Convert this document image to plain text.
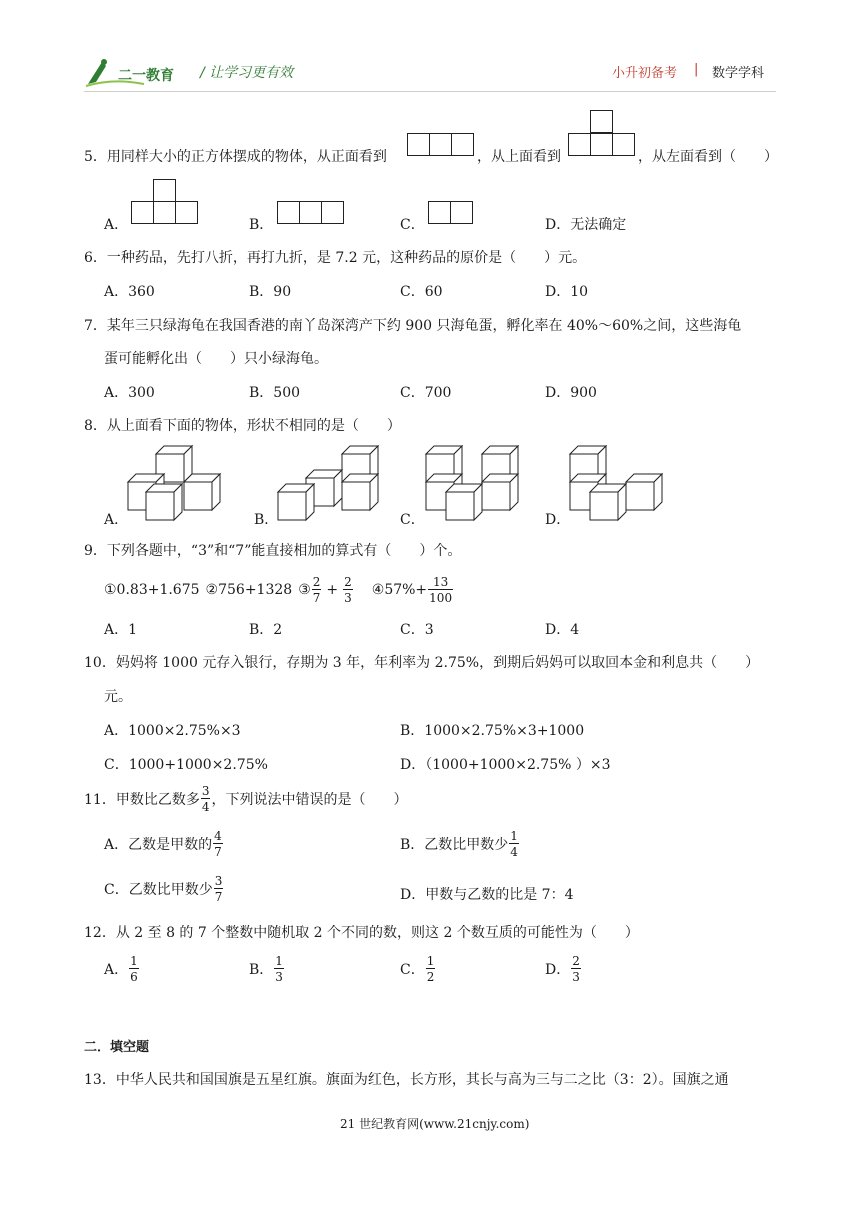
二一教育 / 让学习更有效	小升初备考 | 数学学科
5．用同样大小的正方体摆成的物体，从正面看到	，从上面看到	，从左面看到（　　）
A．	B．	C．	D．无法确定
6．一种药品，先打八折，再打九折，是 7.2 元，这种药品的原价是（　　）元。
A．360	B．90	C．60	D．10
7．某年三只绿海龟在我国香港的南丫岛深湾产下约 900 只海龟蛋，孵化率在 40%～60%之间，这些海龟
蛋可能孵化出（　　）只小绿海龟。
A．300	B．500	C．700	D．900
8．从上面看下面的物体，形状不相同的是（　　）
A．	B．	C．	D．
9．下列各题中，“3”和“7”能直接相加的算式有（　　）个。
①0.83+1.675 ②756+1328 ③ $\frac{2}{7} + \frac{2}{3}$ ④57%+ $\frac{13}{100}$
A．1	B．2	C．3	D．4
10．妈妈将 1000 元存入银行，存期为 3 年，年利率为 2.75%，到期后妈妈可以取回本金和利息共（　　）
元。
A．1000×2.75%×3	B．1000×2.75%×3+1000
C．1000+1000×2.75%	D．（1000+1000×2.75% ）×3
11．甲数比乙数多 $\frac{3}{4}$ ，下列说法中错误的是（　　）
A．乙数是甲数的 $\frac{4}{7}$	B．乙数比甲数少 $\frac{1}{4}$
C．乙数比甲数少 $\frac{3}{7}$	D．甲数与乙数的比是 7：4
12．从 2 至 8 的 7 个整数中随机取 2 个不同的数，则这 2 个数互质的可能性为（　　）
A． $\frac{1}{6}$	B． $\frac{1}{3}$	C． $\frac{1}{2}$	D． $\frac{2}{3}$
二．填空题
13．中华人民共和国国旗是五星红旗。旗面为红色，长方形，其长与高为三与二之比（3：2）。国旗之通
21 世纪教育网(www.21cnjy.com)
